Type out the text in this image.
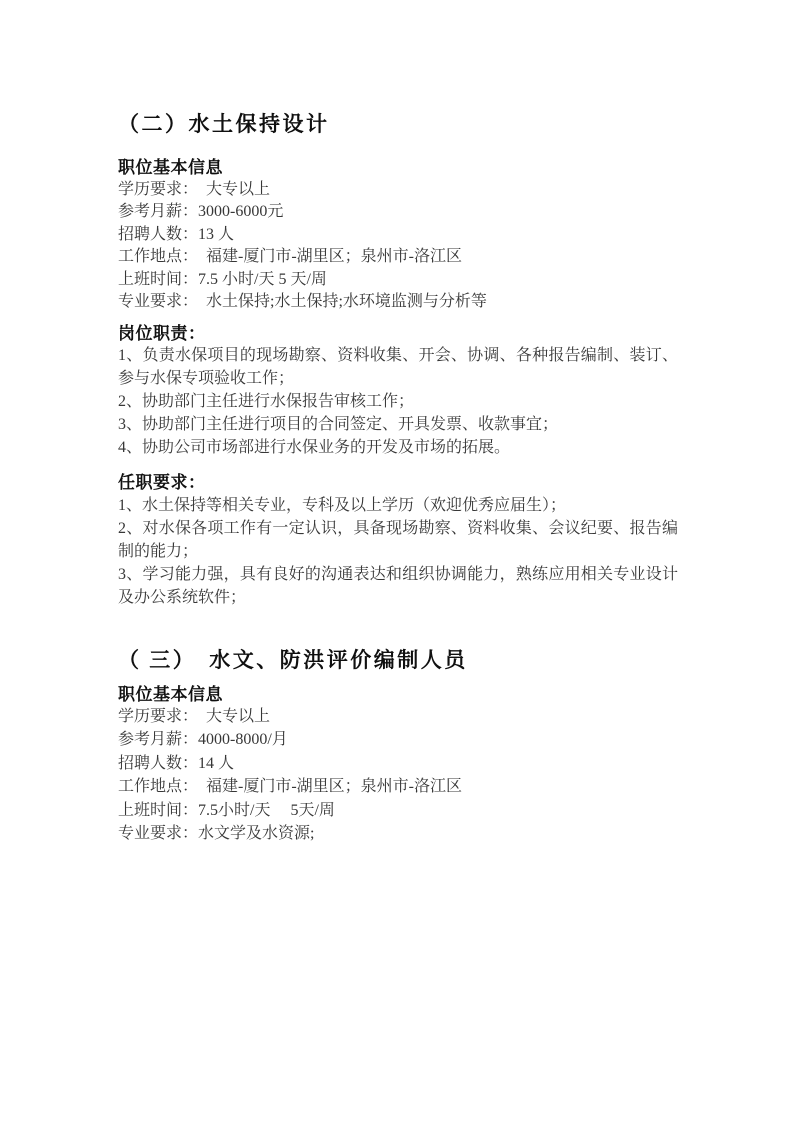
（二）水土保持设计
职位基本信息

学历要求：　大专以上

参考月薪：3000-6000元

招聘人数：13 人

工作地点：　福建-厦门市-湖里区；泉州市-洛江区

上班时间：7.5 小时/天 5 天/周

专业要求：　水土保持;水土保持;水环境监测与分析等

岗位职责：

1、负责水保项目的现场勘察、资料收集、开会、协调、各种报告编制、装订、参与水保专项验收工作；

2、协助部门主任进行水保报告审核工作；

3、协助部门主任进行项目的合同签定、开具发票、收款事宜；

4、协助公司市场部进行水保业务的开发及市场的拓展。

任职要求：

1、水土保持等相关专业，专科及以上学历（欢迎优秀应届生）；

2、对水保各项工作有一定认识，具备现场勘察、资料收集、会议纪要、报告编制的能力；

3、学习能力强，具有良好的沟通表达和组织协调能力，熟练应用相关专业设计及办公系统软件；

（ 三）　水文、防洪评价编制人员
职位基本信息

学历要求：　大专以上

参考月薪：4000-8000/月

招聘人数：14 人

工作地点：　福建-厦门市-湖里区；泉州市-洛江区

上班时间：7.5小时/天　 5天/周

专业要求：水文学及水资源;
